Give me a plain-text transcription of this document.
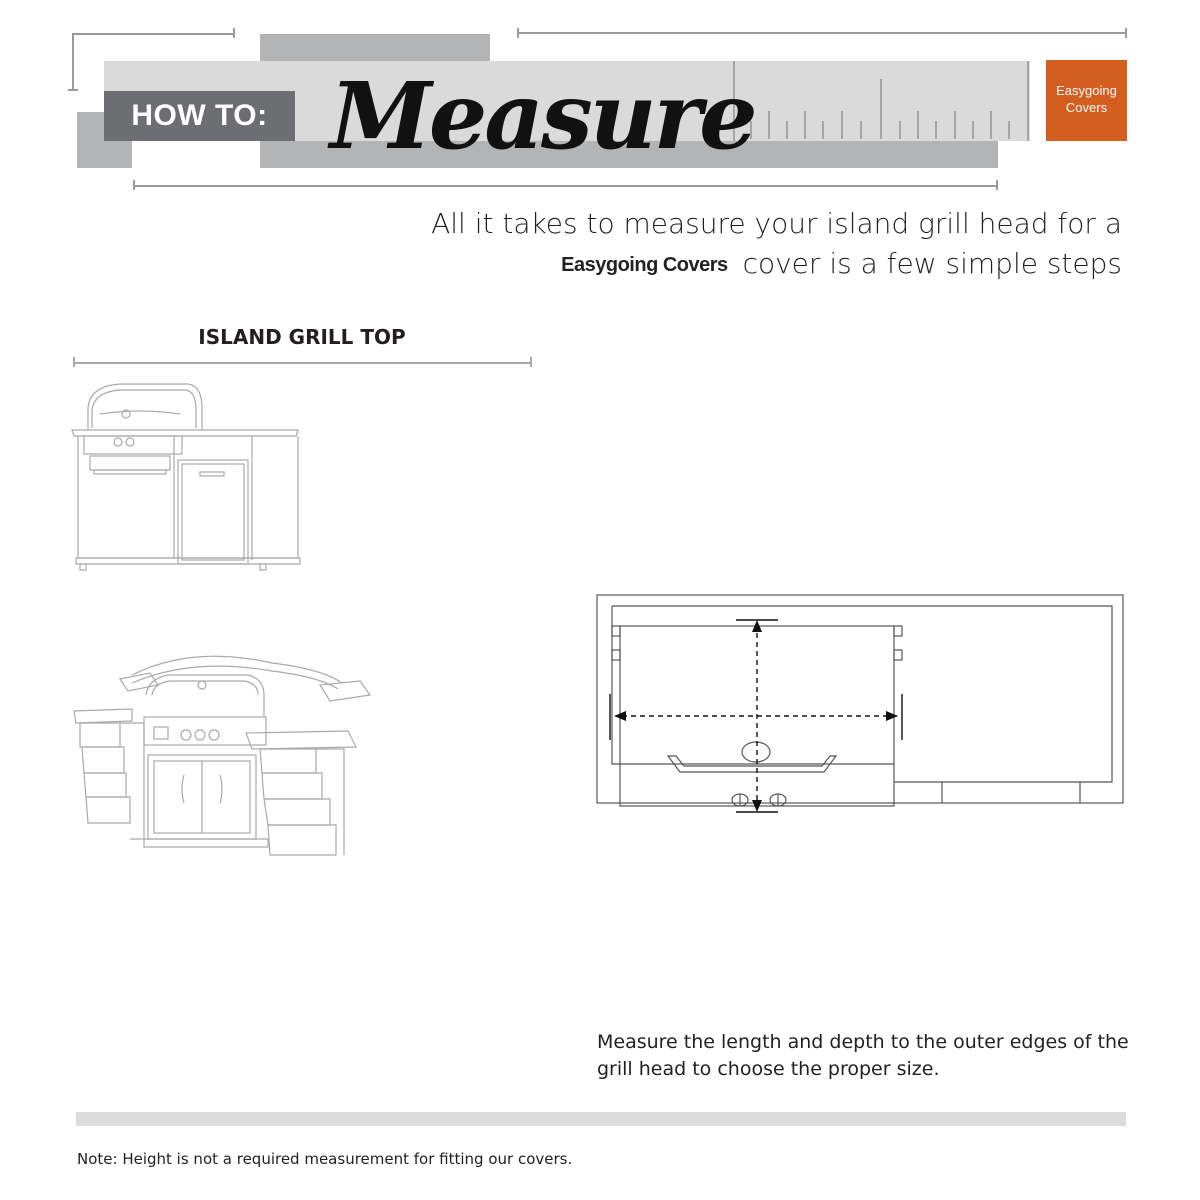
HOW TO: Measure	Easygoing
Covers
All it takes to measure your island grill head for a
Easygoing Covers cover is a few simple steps
ISLAND GRILL TOP
Measure the length and depth to the outer edges of the grill head to choose the proper size.
Note: Height is not a required measurement for fitting our covers.
